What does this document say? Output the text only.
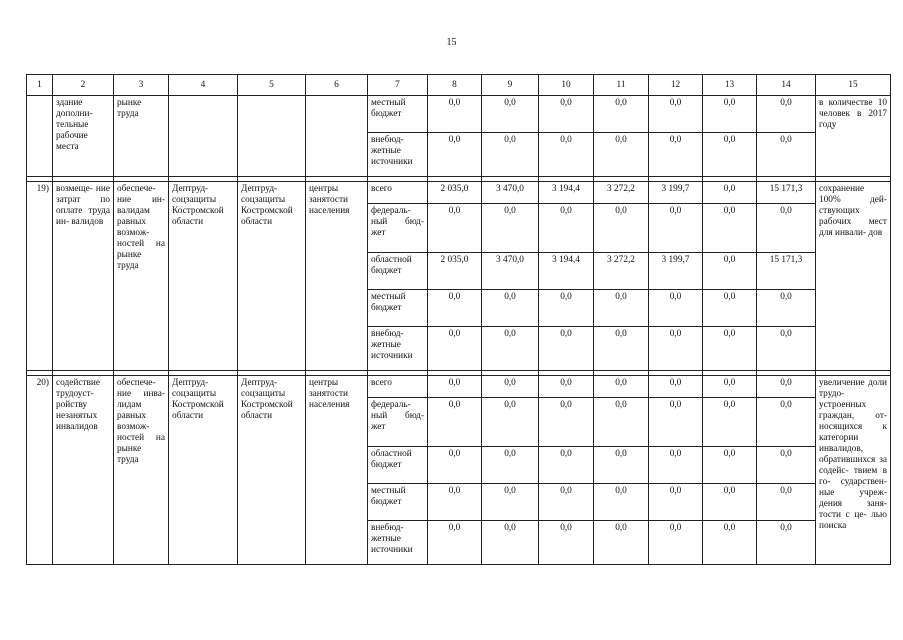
15
1	2	3	4	5	6	7	8	9	10	11	12	13	14	15
	здание дополни- тельные рабочие места	рынке труда				местный бюджет	0,0	0,0	0,0	0,0	0,0	0,0	0,0	в количестве 10 человек в 2017 году
						внебюд- жетные источники	0,0	0,0	0,0	0,0	0,0	0,0	0,0	

19)	возмеще- ние затрат по оплате труда ин- валидов	обеспече- ние ин- валидам равных возмож- ностей на рынке труда	Дептруд- соцзащиты Костромской области	Дептруд- соцзащиты Костромской области	центры занятости населения	всего	2 035,0	3 470,0	3 194,4	3 272,2	3 199,7	0,0	15 171,3	сохранение 100% дей- ствующих рабочих мест для инвали- дов
						федераль- ный бюд- жет	0,0	0,0	0,0	0,0	0,0	0,0	0,0	
						областной бюджет	2 035,0	3 470,0	3 194,4	3 272,2	3 199,7	0,0	15 171,3	
						местный бюджет	0,0	0,0	0,0	0,0	0,0	0,0	0,0	
						внебюд- жетные источники	0,0	0,0	0,0	0,0	0,0	0,0	0,0	

20)	содействие трудоуст- ройству незанятых инвалидов	обеспече- ние инва- лидам равных возмож- ностей на рынке труда	Дептруд- соцзащиты Костромской области	Дептруд- соцзащиты Костромской области	центры занятости населения	всего	0,0	0,0	0,0	0,0	0,0	0,0	0,0	увеличение доли трудо- устроенных граждан, от- носящихся к категории инвалидов, обратившихся за содейс- твием в го- сударствен- ные учреж- дения заня- тости с це- лью поиска
						федераль- ный бюд- жет	0,0	0,0	0,0	0,0	0,0	0,0	0,0	
						областной бюджет	0,0	0,0	0,0	0,0	0,0	0,0	0,0	
						местный бюджет	0,0	0,0	0,0	0,0	0,0	0,0	0,0	
						внебюд- жетные источники	0,0	0,0	0,0	0,0	0,0	0,0	0,0	
